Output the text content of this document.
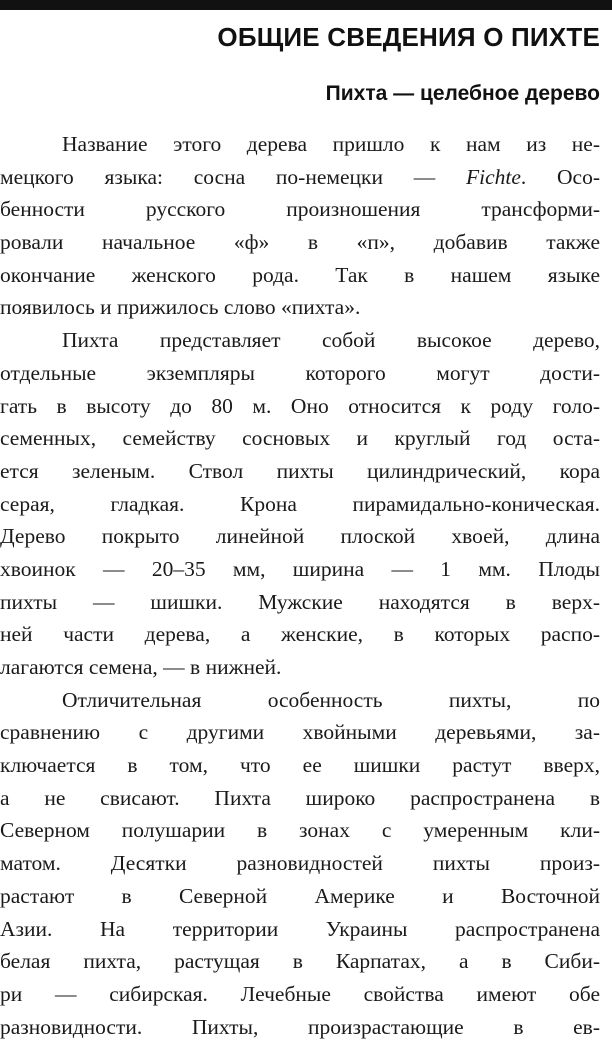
ОБЩИЕ СВЕДЕНИЯ О ПИХТЕ
Пихта — целебное дерево
Название этого дерева пришло к нам из не-
мецкого языка: сосна по-немецки — Fichte. Осо-
бенности русского произношения трансформи-
ровали начальное «ф» в «п», добавив также
окончание женского рода. Так в нашем языке
появилось и прижилось слово «пихта».
Пихта представляет собой высокое дерево,
отдельные экземпляры которого могут дости-
гать в высоту до 80 м. Оно относится к роду голо-
семенных, семейству сосновых и круглый год оста-
ется зеленым. Ствол пихты цилиндрический, кора
серая, гладкая. Крона пирамидально-коническая.
Дерево покрыто линейной плоской хвоей, длина
хвоинок — 20–35 мм, ширина — 1 мм. Плоды
пихты — шишки. Мужские находятся в верх-
ней части дерева, а женские, в которых распо-
лагаются семена, — в нижней.
Отличительная особенность пихты, по
сравнению с другими хвойными деревьями, за-
ключается в том, что ее шишки растут вверх,
а не свисают. Пихта широко распространена в
Северном полушарии в зонах с умеренным кли-
матом. Десятки разновидностей пихты произ-
растают в Северной Америке и Восточной
Азии. На территории Украины распространена
белая пихта, растущая в Карпатах, а в Сиби-
ри — сибирская. Лечебные свойства имеют обе
разновидности. Пихты, произрастающие в ев-
